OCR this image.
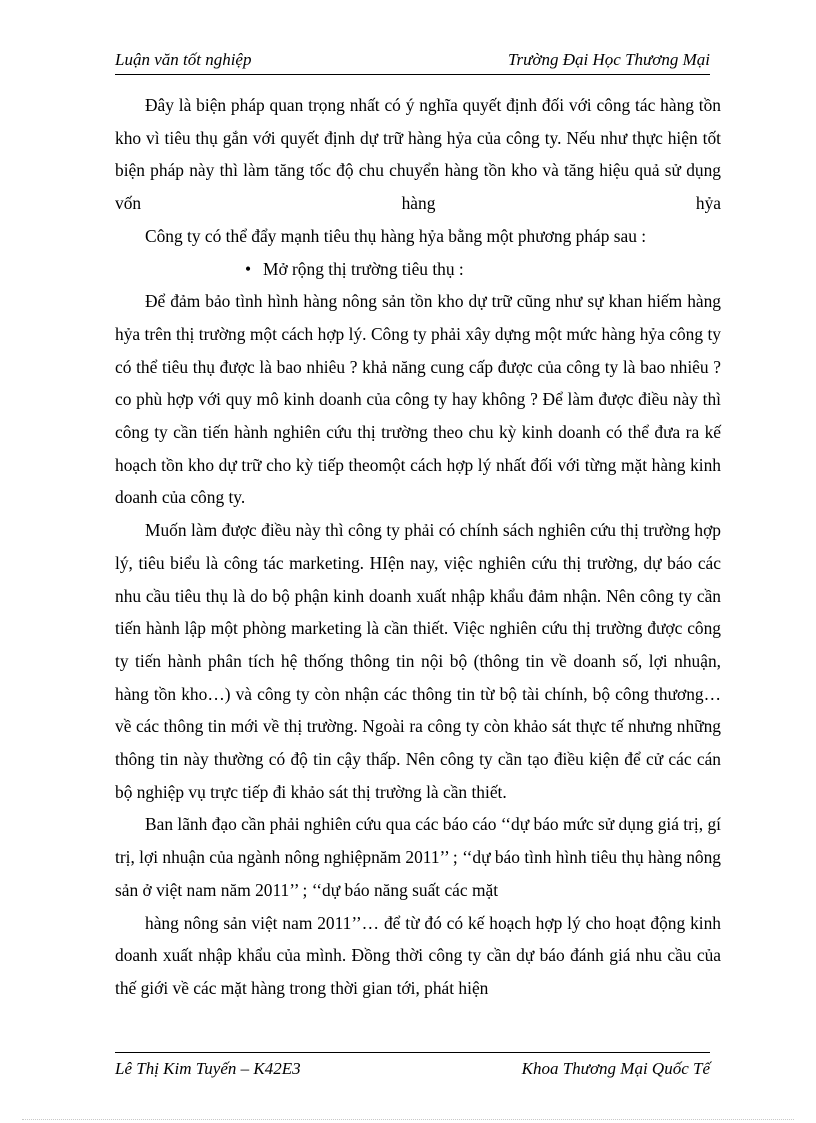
Luận văn tốt nghiệp	Trường Đại Học Thương Mại

Đây là biện pháp quan trọng nhất có ý nghĩa quyết định đối với công tác hàng tồn kho vì tiêu thụ gắn với quyết định dự trữ hàng hỷa của công ty. Nếu như thực hiện tốt biện pháp này thì làm tăng tốc độ chu chuyển hàng tồn kho và tăng hiệu quả sử dụng vốn hàng hỷa

Công ty có thể đẩy mạnh tiêu thụ hàng hỷa bằng một phương pháp sau :

• Mở rộng thị trường tiêu thụ :

Để đảm bảo tình hình hàng nông sản tồn kho dự trữ cũng như sự khan hiếm hàng hỷa trên thị trường một cách hợp lý. Công ty phải xây dựng một mức hàng hỷa công ty có thể tiêu thụ được là bao nhiêu ? khả năng cung cấp được của công ty là bao nhiêu ? co phù hợp với quy mô kinh doanh của công ty hay không ? Để làm được điều này thì công ty cần tiến hành nghiên cứu thị trường theo chu kỳ kinh doanh có thể đưa ra kế hoạch tồn kho dự trữ cho kỳ tiếp theomột cách hợp lý nhất đối với từng mặt hàng kinh doanh của công ty.

Muốn làm được điều này thì công ty phải có chính sách nghiên cứu thị trường hợp lý, tiêu biểu là công tác marketing. HIện nay, việc nghiên cứu thị trường, dự báo các nhu cầu tiêu thụ là do bộ phận kinh doanh xuất nhập khẩu đảm nhận. Nên công ty cần tiến hành lập một phòng marketing là cần thiết. Việc nghiên cứu thị trường được công ty tiến hành phân tích hệ thống thông tin nội bộ (thông tin về doanh số, lợi nhuận, hàng tồn kho…) và công ty còn nhận các thông tin từ bộ tài chính, bộ công thương… về các thông tin mới về thị trường. Ngoài ra công ty còn khảo sát thực tế nhưng những thông tin này thường có độ tin cậy thấp. Nên công ty cần tạo điều kiện để cử các cán bộ nghiệp vụ trực tiếp đi khảo sát thị trường là cần thiết.

Ban lãnh đạo cần phải nghiên cứu qua các báo cáo ‘‘dự báo mức sử dụng giá trị, gí trị, lợi nhuận của ngành nông nghiệpnăm 2011’’ ; ‘‘dự báo tình hình tiêu thụ hàng nông sản ở việt nam năm 2011’’ ; ‘‘dự báo năng suất các mặt

hàng nông sản việt nam 2011’’… để từ đó có kế hoạch hợp lý cho hoạt động kinh doanh xuất nhập khẩu của mình. Đồng thời công ty cần dự báo đánh giá nhu cầu của thế giới về các mặt hàng trong thời gian tới, phát hiện

Lê Thị Kim Tuyến – K42E3	Khoa Thương Mại Quốc Tế
